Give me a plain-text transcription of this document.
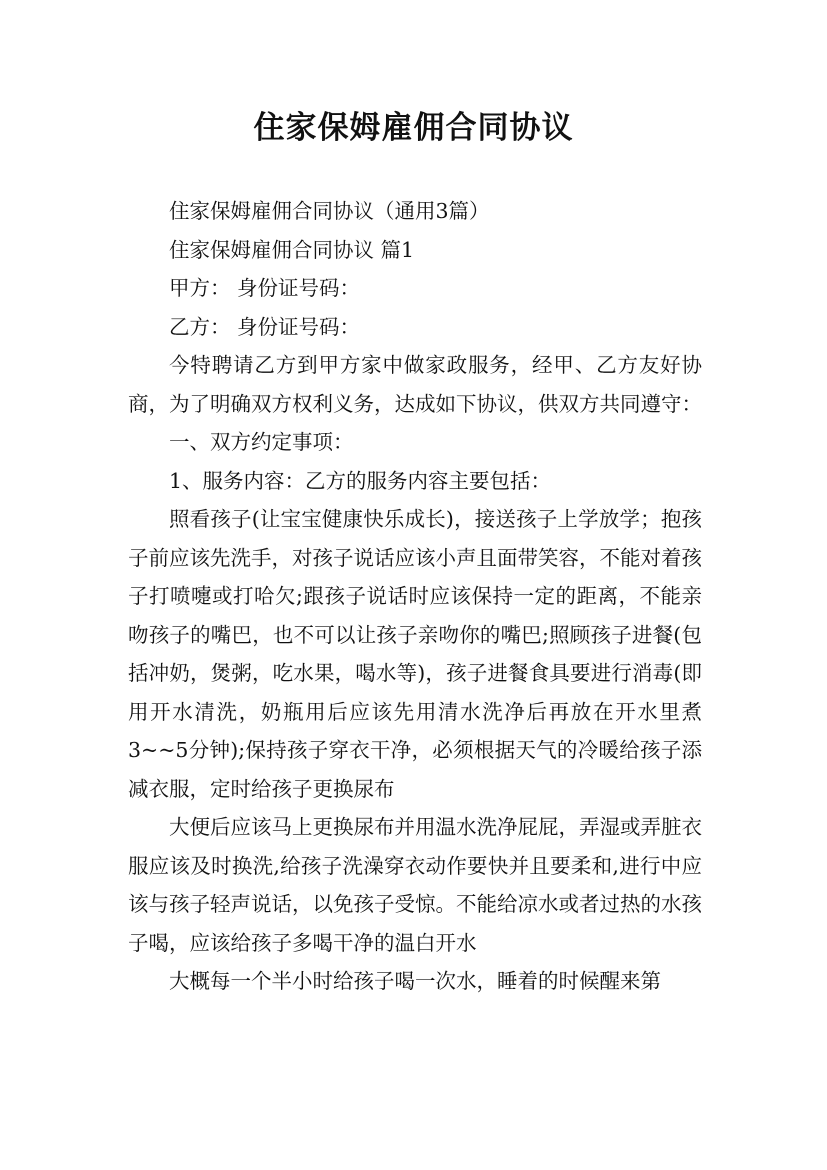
住家保姆雇佣合同协议

住家保姆雇佣合同协议（通用3篇）

住家保姆雇佣合同协议 篇1

甲方： 身份证号码：

乙方： 身份证号码：

今特聘请乙方到甲方家中做家政服务，经甲、乙方友好协商，为了明确双方权利义务，达成如下协议，供双方共同遵守：

一、双方约定事项：

1、服务内容：乙方的服务内容主要包括：

照看孩子(让宝宝健康快乐成长)，接送孩子上学放学；抱孩子前应该先洗手，对孩子说话应该小声且面带笑容，不能对着孩子打喷嚏或打哈欠;跟孩子说话时应该保持一定的距离，不能亲吻孩子的嘴巴，也不可以让孩子亲吻你的嘴巴;照顾孩子进餐(包括冲奶，煲粥，吃水果，喝水等)，孩子进餐食具要进行消毒(即用开水清洗，奶瓶用后应该先用清水洗净后再放在开水里煮3~~5分钟);保持孩子穿衣干净，必须根据天气的冷暖给孩子添减衣服，定时给孩子更换尿布

大便后应该马上更换尿布并用温水洗净屁屁，弄湿或弄脏衣服应该及时换洗,给孩子洗澡穿衣动作要快并且要柔和,进行中应该与孩子轻声说话，以免孩子受惊。不能给凉水或者过热的水孩子喝，应该给孩子多喝干净的温白开水

大概每一个半小时给孩子喝一次水，睡着的时候醒来第
